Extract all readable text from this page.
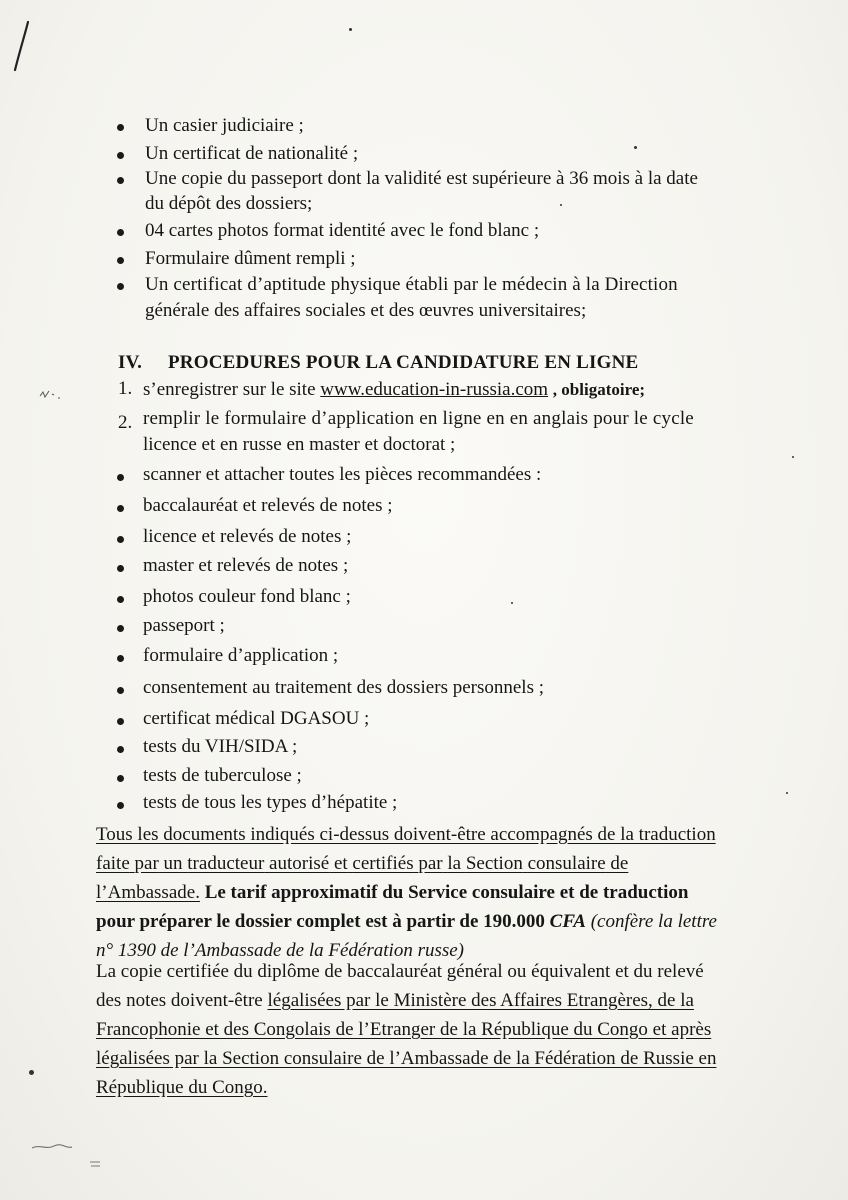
Un casier judiciaire ;
Un certificat de nationalité ;
Une copie du passeport dont la validité est supérieure à 36 mois à la date
du dépôt des dossiers;
04 cartes photos format identité avec le fond blanc ;
Formulaire dûment rempli ;
Un certificat d’aptitude physique établi par le médecin à la Direction
générale des affaires sociales et des œuvres universitaires;
IV. PROCEDURES POUR LA CANDIDATURE EN LIGNE
1. s’enregistrer sur le site www.education-in-russia.com , obligatoire;
2. remplir le formulaire d’application en ligne en en anglais pour le cycle
licence et en russe en master et doctorat ;
scanner et attacher toutes les pièces recommandées :
baccalauréat et relevés de notes ;
licence et relevés de notes ;
master et relevés de notes ;
photos couleur fond blanc ;
passeport ;
formulaire d’application ;
consentement au traitement des dossiers personnels ;
certificat médical DGASOU ;
tests du VIH/SIDA ;
tests de tuberculose ;
tests de tous les types d’hépatite ;
Tous les documents indiqués ci-dessus doivent-être accompagnés de la traduction
faite par un traducteur autorisé et certifiés par la Section consulaire de
l’Ambassade. Le tarif approximatif du Service consulaire et de traduction
pour préparer le dossier complet est à partir de 190.000 CFA (confère la lettre
n° 1390 de l’Ambassade de la Fédération russe)
La copie certifiée du diplôme de baccalauréat général ou équivalent et du relevé
des notes doivent-être légalisées par le Ministère des Affaires Etrangères, de la
Francophonie et des Congolais de l’Etranger de la République du Congo et après
légalisées par la Section consulaire de l’Ambassade de la Fédération de Russie en
République du Congo.
